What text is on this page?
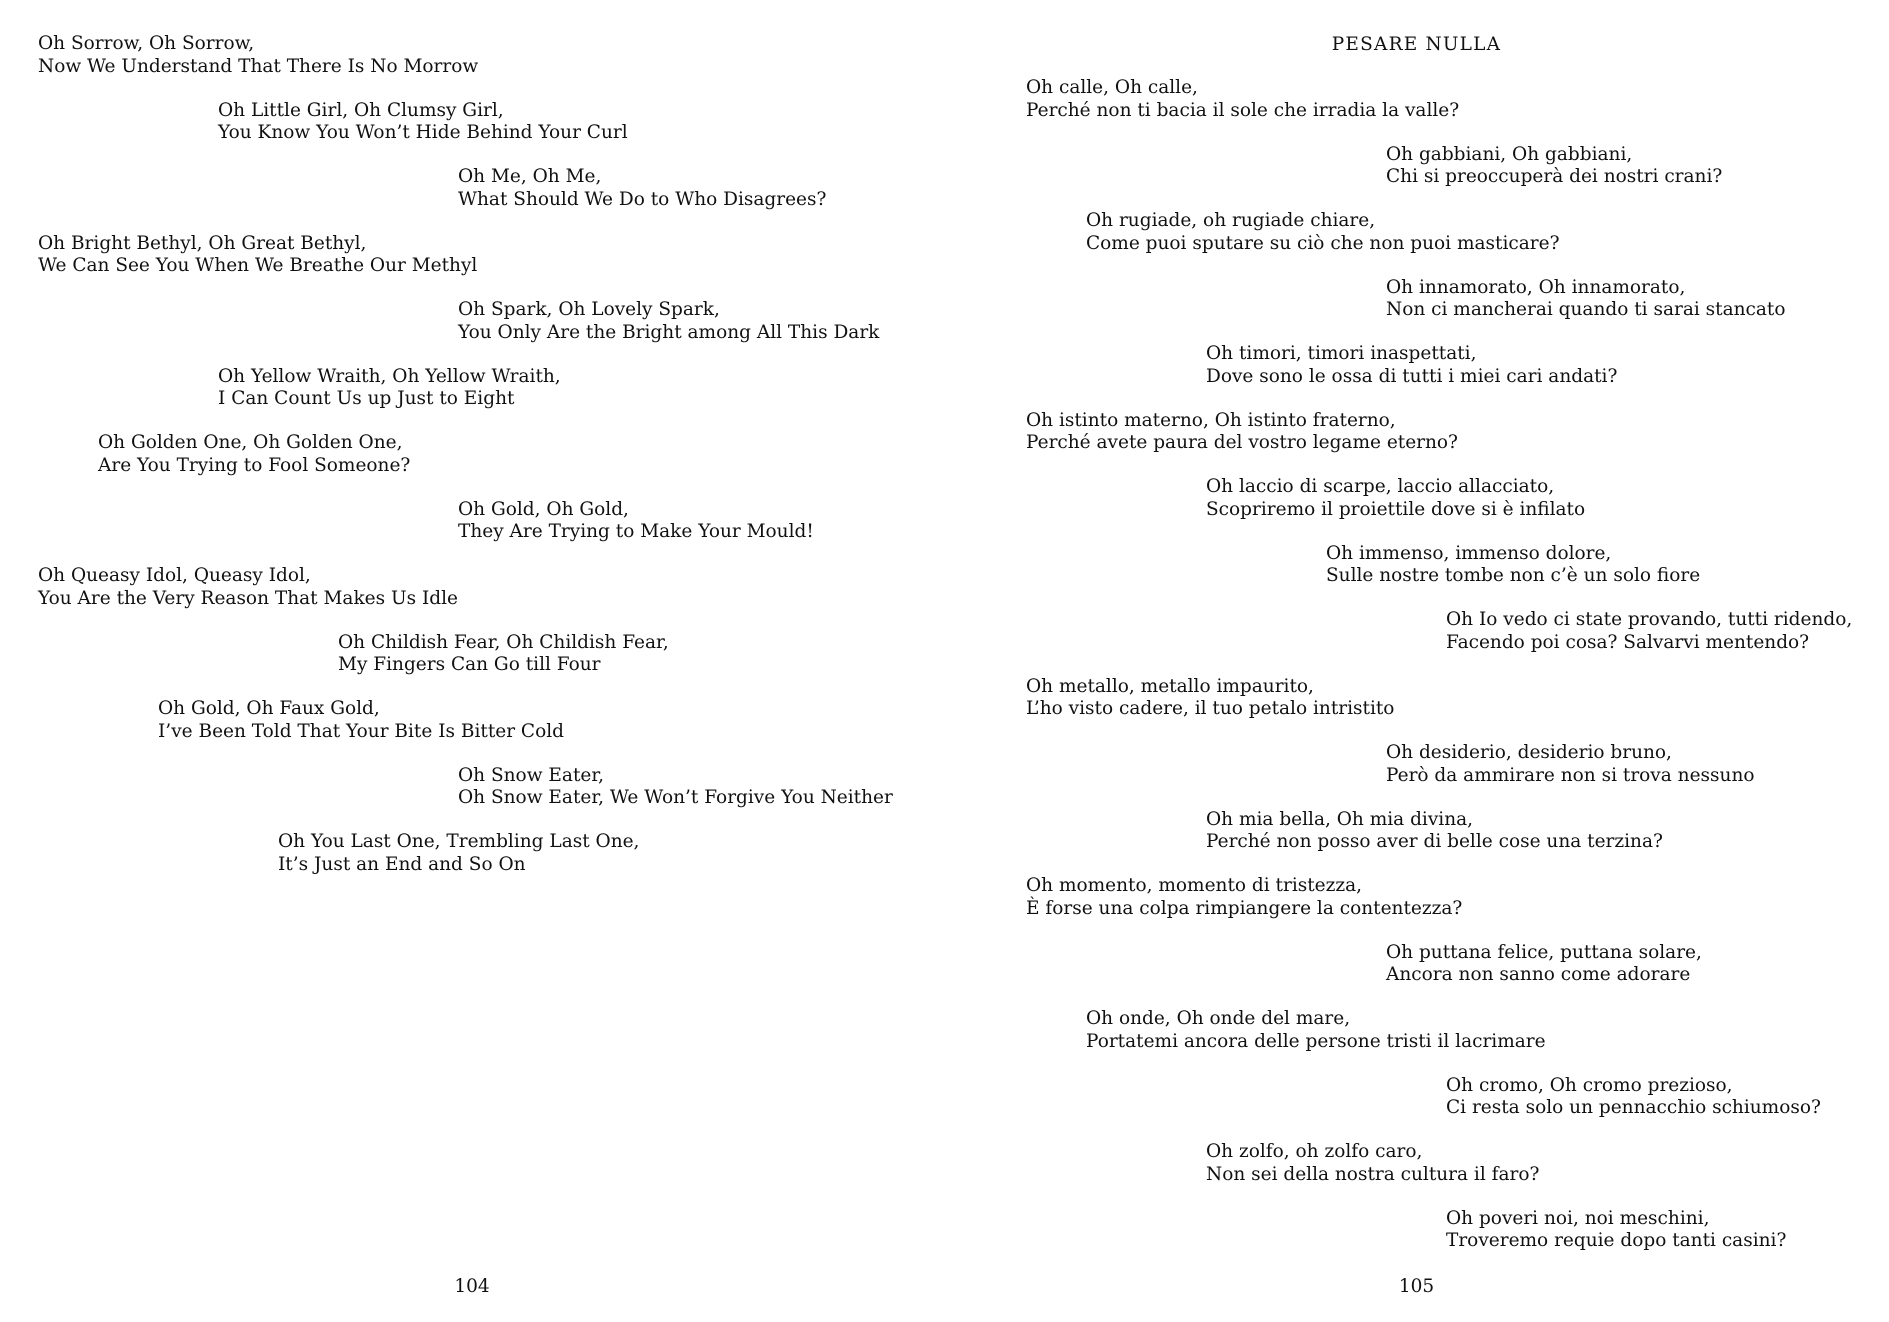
Oh Sorrow, Oh Sorrow,
Now We Understand That There Is No Morrow
Oh Little Girl, Oh Clumsy Girl,
You Know You Won’t Hide Behind Your Curl
Oh Me, Oh Me,
What Should We Do to Who Disagrees?
Oh Bright Bethyl, Oh Great Bethyl,
We Can See You When We Breathe Our Methyl
Oh Spark, Oh Lovely Spark,
You Only Are the Bright among All This Dark
Oh Yellow Wraith, Oh Yellow Wraith,
I Can Count Us up Just to Eight
Oh Golden One, Oh Golden One,
Are You Trying to Fool Someone?
Oh Gold, Oh Gold,
They Are Trying to Make Your Mould!
Oh Queasy Idol, Queasy Idol,
You Are the Very Reason That Makes Us Idle
Oh Childish Fear, Oh Childish Fear,
My Fingers Can Go till Four
Oh Gold, Oh Faux Gold,
I’ve Been Told That Your Bite Is Bitter Cold
Oh Snow Eater,
Oh Snow Eater, We Won’t Forgive You Neither
Oh You Last One, Trembling Last One,
It’s Just an End and So On
104
PESARE NULLA
Oh calle, Oh calle,
Perché non ti bacia il sole che irradia la valle?
Oh gabbiani, Oh gabbiani,
Chi si preoccuperà dei nostri crani?
Oh rugiade, oh rugiade chiare,
Come puoi sputare su ciò che non puoi masticare?
Oh innamorato, Oh innamorato,
Non ci mancherai quando ti sarai stancato
Oh timori, timori inaspettati,
Dove sono le ossa di tutti i miei cari andati?
Oh istinto materno, Oh istinto fraterno,
Perché avete paura del vostro legame eterno?
Oh laccio di scarpe, laccio allacciato,
Scopriremo il proiettile dove si è infilato
Oh immenso, immenso dolore,
Sulle nostre tombe non c’è un solo fiore
Oh Io vedo ci state provando, tutti ridendo,
Facendo poi cosa? Salvarvi mentendo?
Oh metallo, metallo impaurito,
L’ho visto cadere, il tuo petalo intristito
Oh desiderio, desiderio bruno,
Però da ammirare non si trova nessuno
Oh mia bella, Oh mia divina,
Perché non posso aver di belle cose una terzina?
Oh momento, momento di tristezza,
È forse una colpa rimpiangere la contentezza?
Oh puttana felice, puttana solare,
Ancora non sanno come adorare
Oh onde, Oh onde del mare,
Portatemi ancora delle persone tristi il lacrimare
Oh cromo, Oh cromo prezioso,
Ci resta solo un pennacchio schiumoso?
Oh zolfo, oh zolfo caro,
Non sei della nostra cultura il faro?
Oh poveri noi, noi meschini,
Troveremo requie dopo tanti casini?
105
